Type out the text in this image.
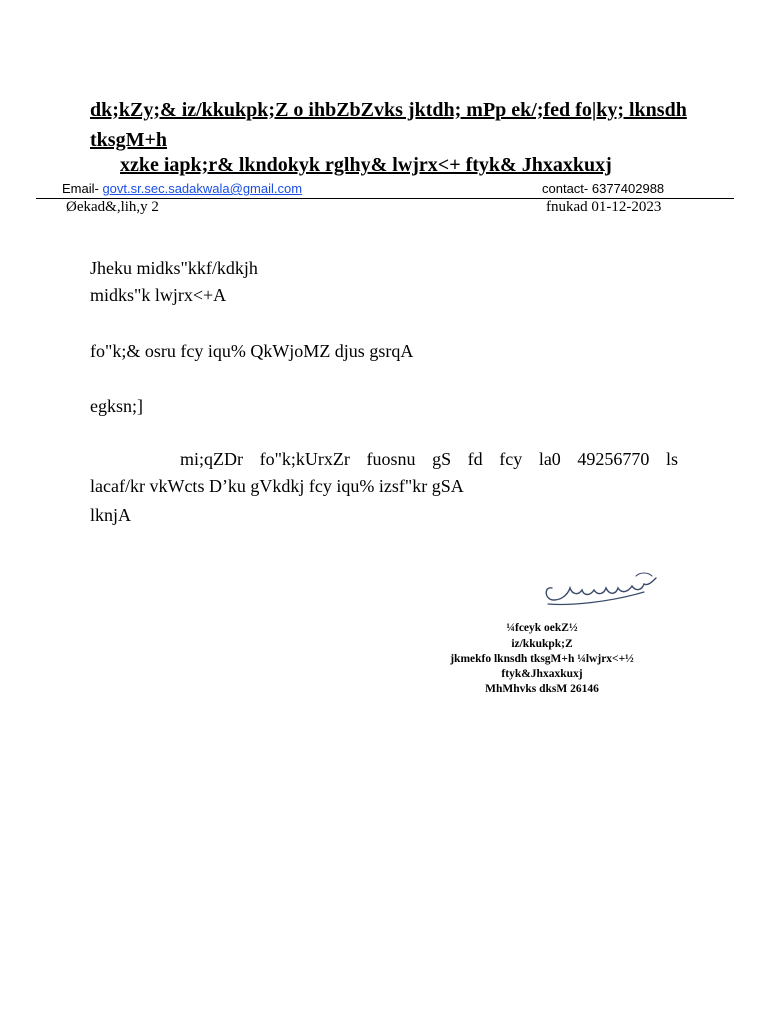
dk;kZy;& iz/kkukpk;Z o ihbZbZvks jktdh; mPp ek/;fed fo|ky; lknsdh tksgM+h
xzke iapk;r& lkndokyk rglhy& lwjrx<+ ftyk& Jhxaxkuxj
Email- govt.sr.sec.sadakwala@gmail.com	contact- 6377402988
Øekad&,lih,y 2	fnukad 01-12-2023
Jheku midks"kkf/kdkjh
midks"k lwjrx<+A
fo"k;& osru fcy iqu% QkWjoMZ djus gsrqA
egksn;]
mi;qZDr fo"k;kUrxZr fuosnu gS fd fcy la0 49256770 ls
lacaf/kr vkWcts D’ku gVkdkj fcy iqu% izsf"kr gSA
lknjA
¼fceyk oekZ½
iz/kkukpk;Z
jkmekfo lknsdh tksgM+h ¼lwjrx<+½
ftyk&Jhxaxkuxj
MhMhvks dksM 26146
